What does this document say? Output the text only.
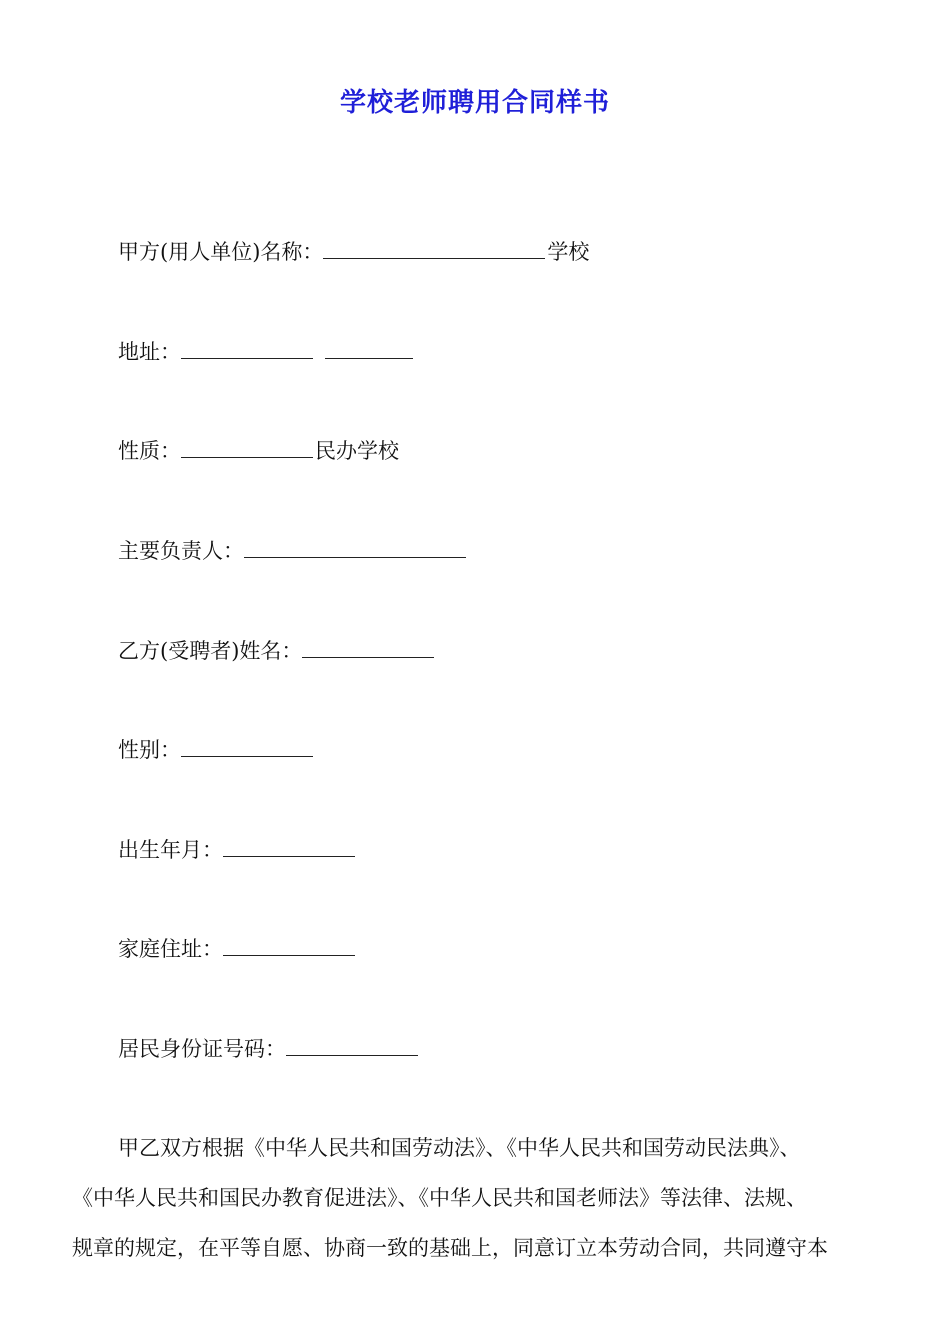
学校老师聘用合同样书
甲方(用人单位)名称：	学校
地址：
性质：	民办学校
主要负责人：
乙方(受聘者)姓名：
性别：
出生年月：
家庭住址：
居民身份证号码：
甲乙双方根据《中华人民共和国劳动法》、《中华人民共和国劳动民法典》、
《中华人民共和国民办教育促进法》、《中华人民共和国老师法》等法律、法规、
规章的规定，在平等自愿、协商一致的基础上，同意订立本劳动合同，共同遵守本
